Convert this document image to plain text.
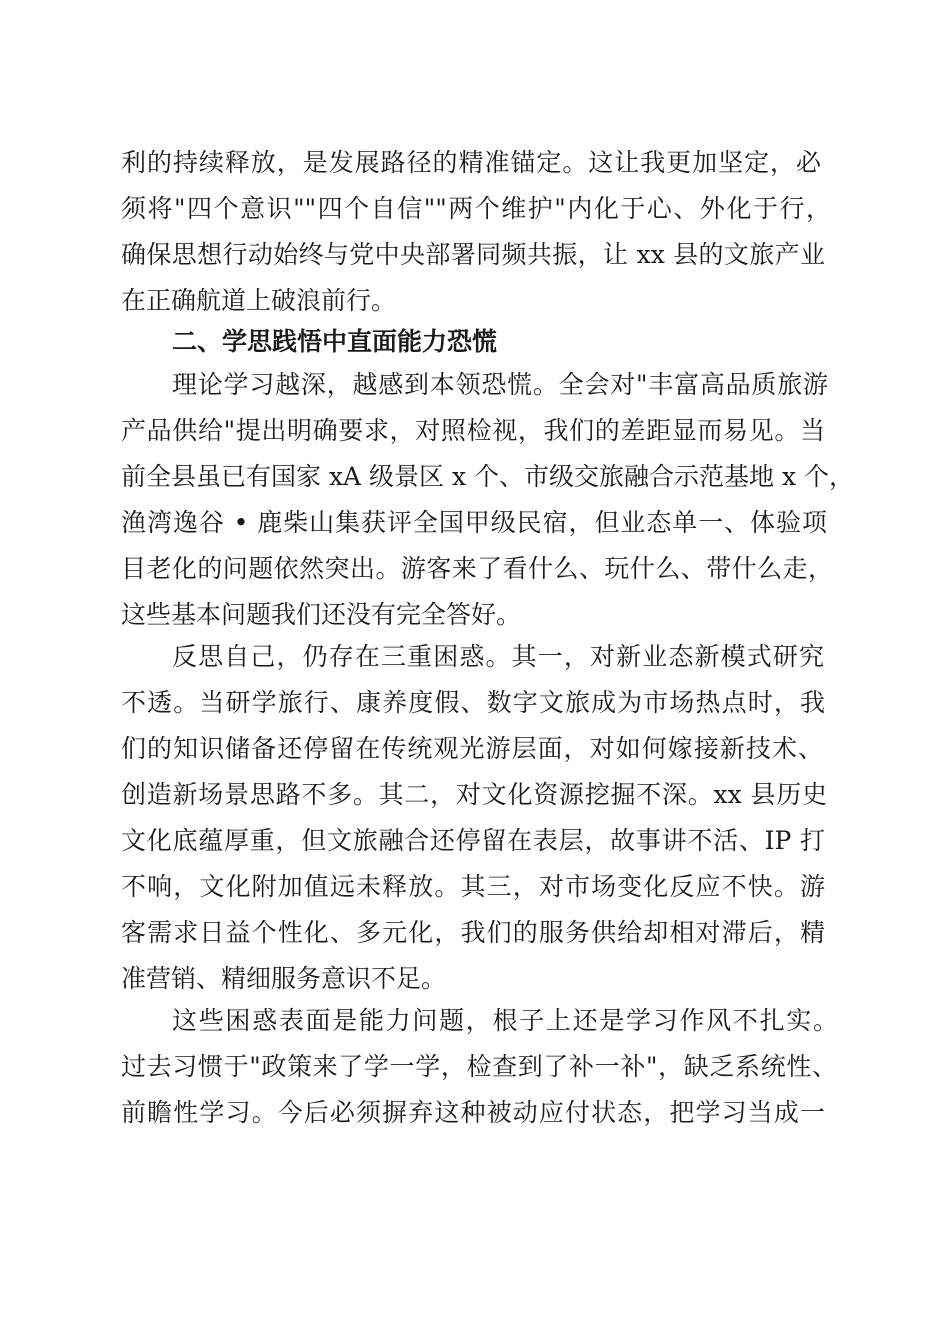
利的持续释放，是发展路径的精准锚定。这让我更加坚定，必
须将"四个意识""四个自信""两个维护"内化于心、外化于行，
确保思想行动始终与党中央部署同频共振，让 xx 县的文旅产业
在正确航道上破浪前行。
二、学思践悟中直面能力恐慌
理论学习越深，越感到本领恐慌。全会对"丰富高品质旅游
产品供给"提出明确要求，对照检视，我们的差距显而易见。当
前全县虽已有国家 xA 级景区 x 个、市级交旅融合示范基地 x 个，
渔湾逸谷 • 鹿柴山集获评全国甲级民宿，但业态单一、体验项
目老化的问题依然突出。游客来了看什么、玩什么、带什么走，
这些基本问题我们还没有完全答好。
反思自己，仍存在三重困惑。其一，对新业态新模式研究
不透。当研学旅行、康养度假、数字文旅成为市场热点时，我
们的知识储备还停留在传统观光游层面，对如何嫁接新技术、
创造新场景思路不多。其二，对文化资源挖掘不深。xx 县历史
文化底蕴厚重，但文旅融合还停留在表层，故事讲不活、IP 打
不响，文化附加值远未释放。其三，对市场变化反应不快。游
客需求日益个性化、多元化，我们的服务供给却相对滞后，精
准营销、精细服务意识不足。
这些困惑表面是能力问题，根子上还是学习作风不扎实。
过去习惯于"政策来了学一学，检查到了补一补"，缺乏系统性、
前瞻性学习。今后必须摒弃这种被动应付状态，把学习当成一
